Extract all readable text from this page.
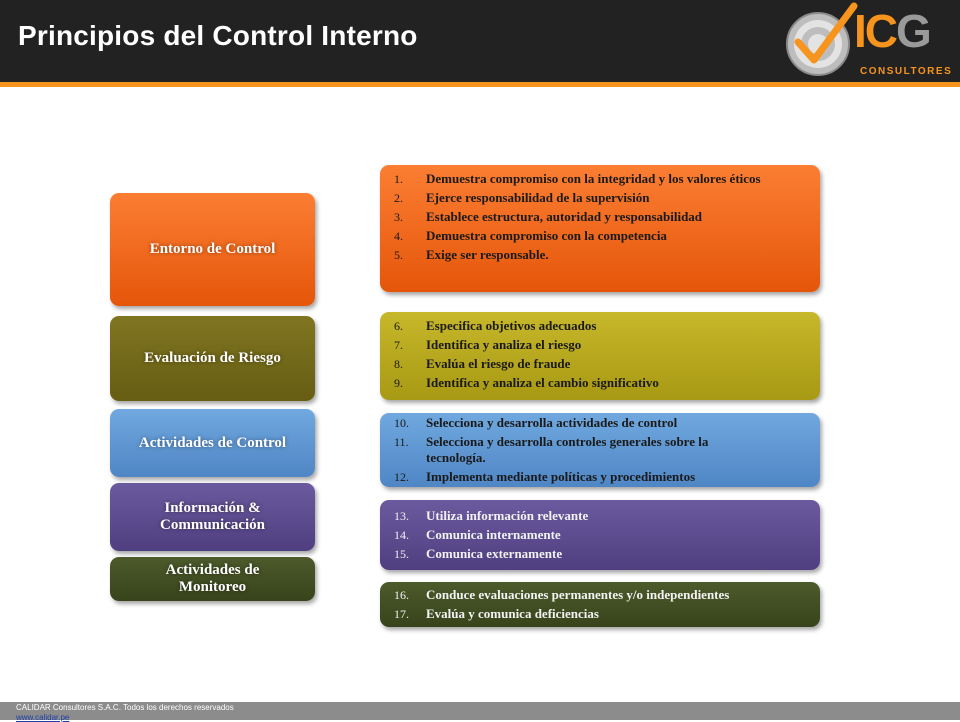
Principios del Control Interno	ICG
CONSULTORES
Entorno de Control
Evaluación de Riesgo
Actividades de Control
Información & Communicación
Actividades de Monitoreo
1.	Demuestra compromiso con la integridad y los valores éticos
2.	Ejerce responsabilidad de la supervisión
3.	Establece estructura, autoridad y responsabilidad
4.	Demuestra compromiso con la competencia
5.	Exige ser responsable.
6.	Especifica objetivos adecuados
7.	Identifica y analiza el riesgo
8.	Evalúa el riesgo de fraude
9.	Identifica y analiza el cambio significativo
10.	Selecciona y desarrolla actividades de control
11.	Selecciona y desarrolla controles generales sobre la tecnología.
12.	Implementa mediante políticas y procedimientos
13.	Utiliza información relevante
14.	Comunica internamente
15.	Comunica externamente
16.	Conduce evaluaciones permanentes y/o independientes
17.	Evalúa y comunica deficiencias
CALIDAR Consultores S.A.C. Todos los derechos reservados
www.calidar.pe
